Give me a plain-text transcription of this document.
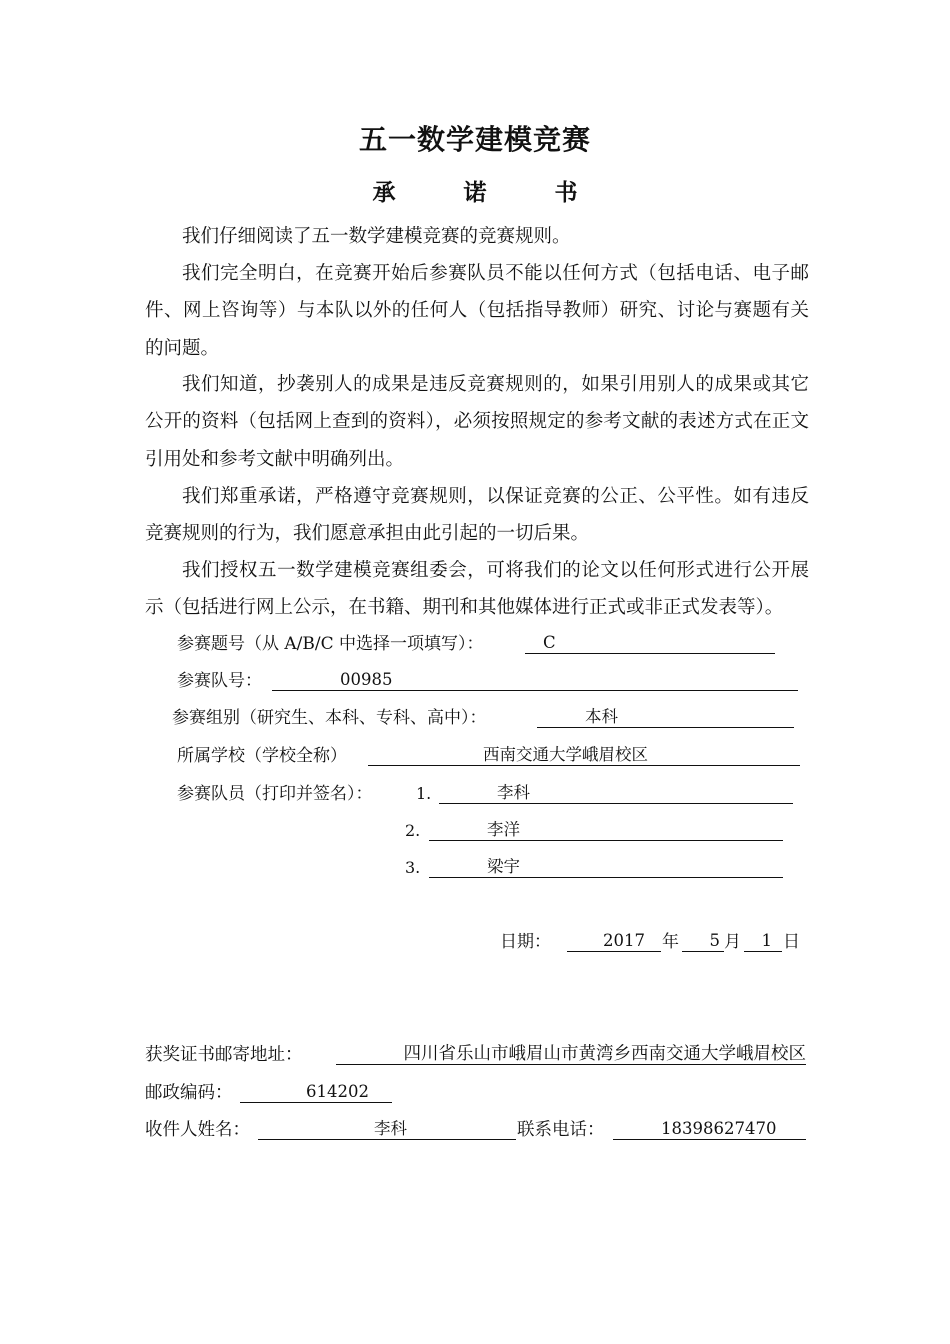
五一数学建模竞赛
承 诺 书
我们仔细阅读了五一数学建模竞赛的竞赛规则。
我们完全明白，在竞赛开始后参赛队员不能以任何方式（包括电话、电子邮件、网上咨询等）与本队以外的任何人（包括指导教师）研究、讨论与赛题有关的问题。
我们知道，抄袭别人的成果是违反竞赛规则的，如果引用别人的成果或其它公开的资料（包括网上查到的资料），必须按照规定的参考文献的表述方式在正文引用处和参考文献中明确列出。
我们郑重承诺，严格遵守竞赛规则，以保证竞赛的公正、公平性。如有违反竞赛规则的行为，我们愿意承担由此引起的一切后果。
我们授权五一数学建模竞赛组委会，可将我们的论文以任何形式进行公开展示（包括进行网上公示，在书籍、期刊和其他媒体进行正式或非正式发表等）。
参赛题号（从 A/B/C 中选择一项填写）：	C
参赛队号：	00985
参赛组别（研究生、本科、专科、高中）：	本科
所属学校（学校全称）	西南交通大学峨眉校区
参赛队员（打印并签名）：	1.	李科
2.	李洋
3.	梁宇
日期：	2017	年	5 月	1 日
获奖证书邮寄地址：	四川省乐山市峨眉山市黄湾乡西南交通大学峨眉校区
邮政编码：	614202
收件人姓名：	李科	联系电话：	18398627470
